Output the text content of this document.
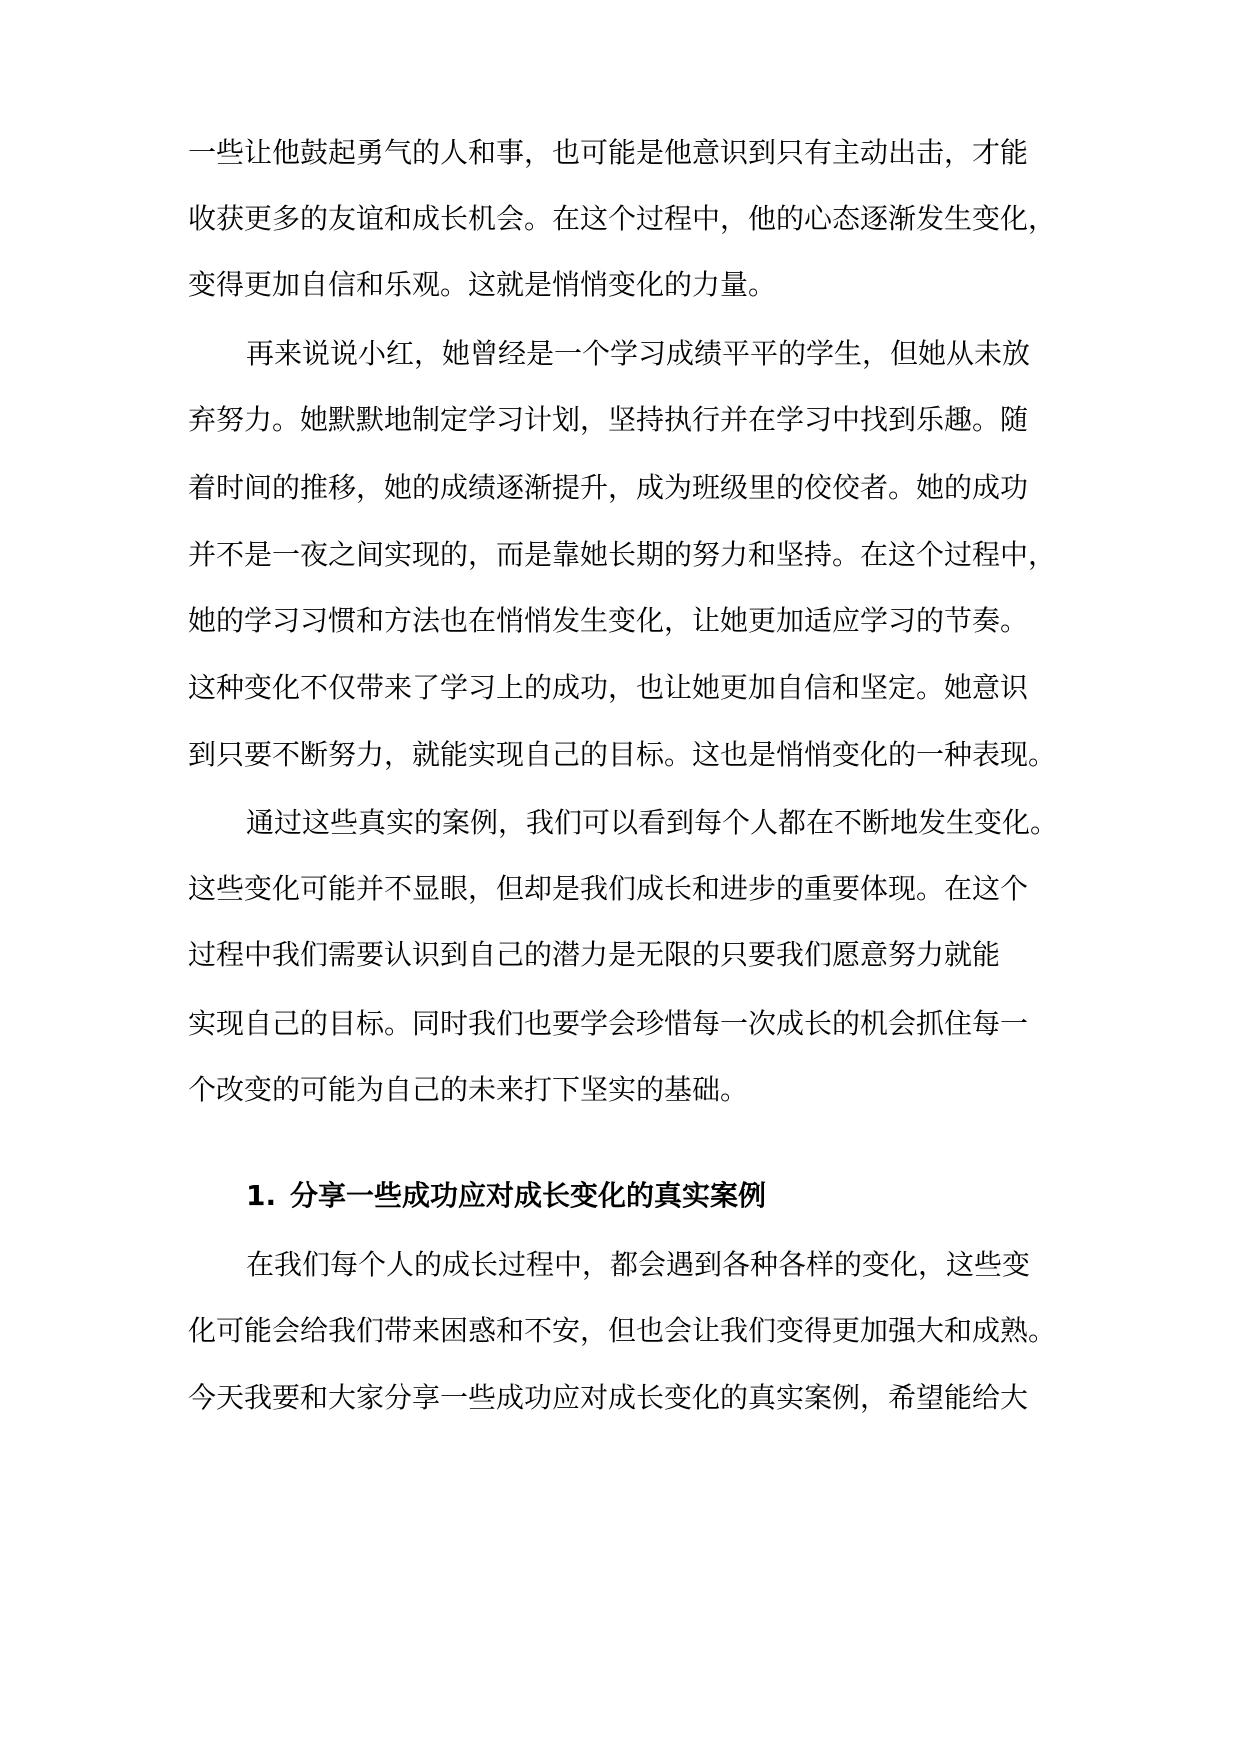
一些让他鼓起勇气的人和事，也可能是他意识到只有主动出击，才能
收获更多的友谊和成长机会。在这个过程中，他的心态逐渐发生变化，
变得更加自信和乐观。这就是悄悄变化的力量。
再来说说小红，她曾经是一个学习成绩平平的学生，但她从未放
弃努力。她默默地制定学习计划，坚持执行并在学习中找到乐趣。随
着时间的推移，她的成绩逐渐提升，成为班级里的佼佼者。她的成功
并不是一夜之间实现的，而是靠她长期的努力和坚持。在这个过程中，
她的学习习惯和方法也在悄悄发生变化，让她更加适应学习的节奏。
这种变化不仅带来了学习上的成功，也让她更加自信和坚定。她意识
到只要不断努力，就能实现自己的目标。这也是悄悄变化的一种表现。
通过这些真实的案例，我们可以看到每个人都在不断地发生变化。
这些变化可能并不显眼，但却是我们成长和进步的重要体现。在这个
过程中我们需要认识到自己的潜力是无限的只要我们愿意努力就能
实现自己的目标。同时我们也要学会珍惜每一次成长的机会抓住每一
个改变的可能为自己的未来打下坚实的基础。
1. 分享一些成功应对成长变化的真实案例
在我们每个人的成长过程中，都会遇到各种各样的变化，这些变
化可能会给我们带来困惑和不安，但也会让我们变得更加强大和成熟。
今天我要和大家分享一些成功应对成长变化的真实案例，希望能给大
